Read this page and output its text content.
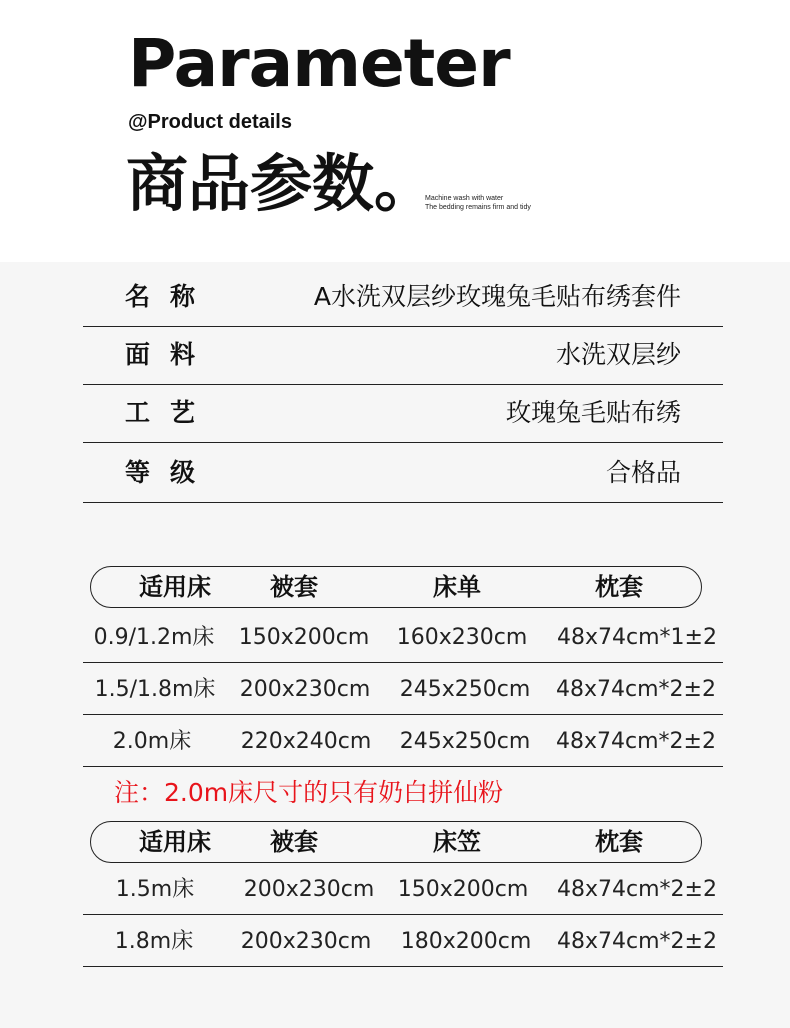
Parameter
@Product details
商品参数。
Machine wash with water
The bedding remains firm and tidy
名称	A水洗双层纱玫瑰兔毛贴布绣套件
面料	水洗双层纱
工艺	玫瑰兔毛贴布绣
等级	合格品
适用床 被套	床单	枕套
0.9/1.2m床 150x200cm 160x230cm 48x74cm*1±2
1.5/1.8m床 200x230cm 245x250cm 48x74cm*2±2
2.0m床 220x240cm 245x250cm 48x74cm*2±2
注：2.0m床尺寸的只有奶白拼仙粉
适用床 被套	床笠	枕套
1.5m床 200x230cm 150x200cm 48x74cm*2±2
1.8m床 200x230cm 180x200cm 48x74cm*2±2
